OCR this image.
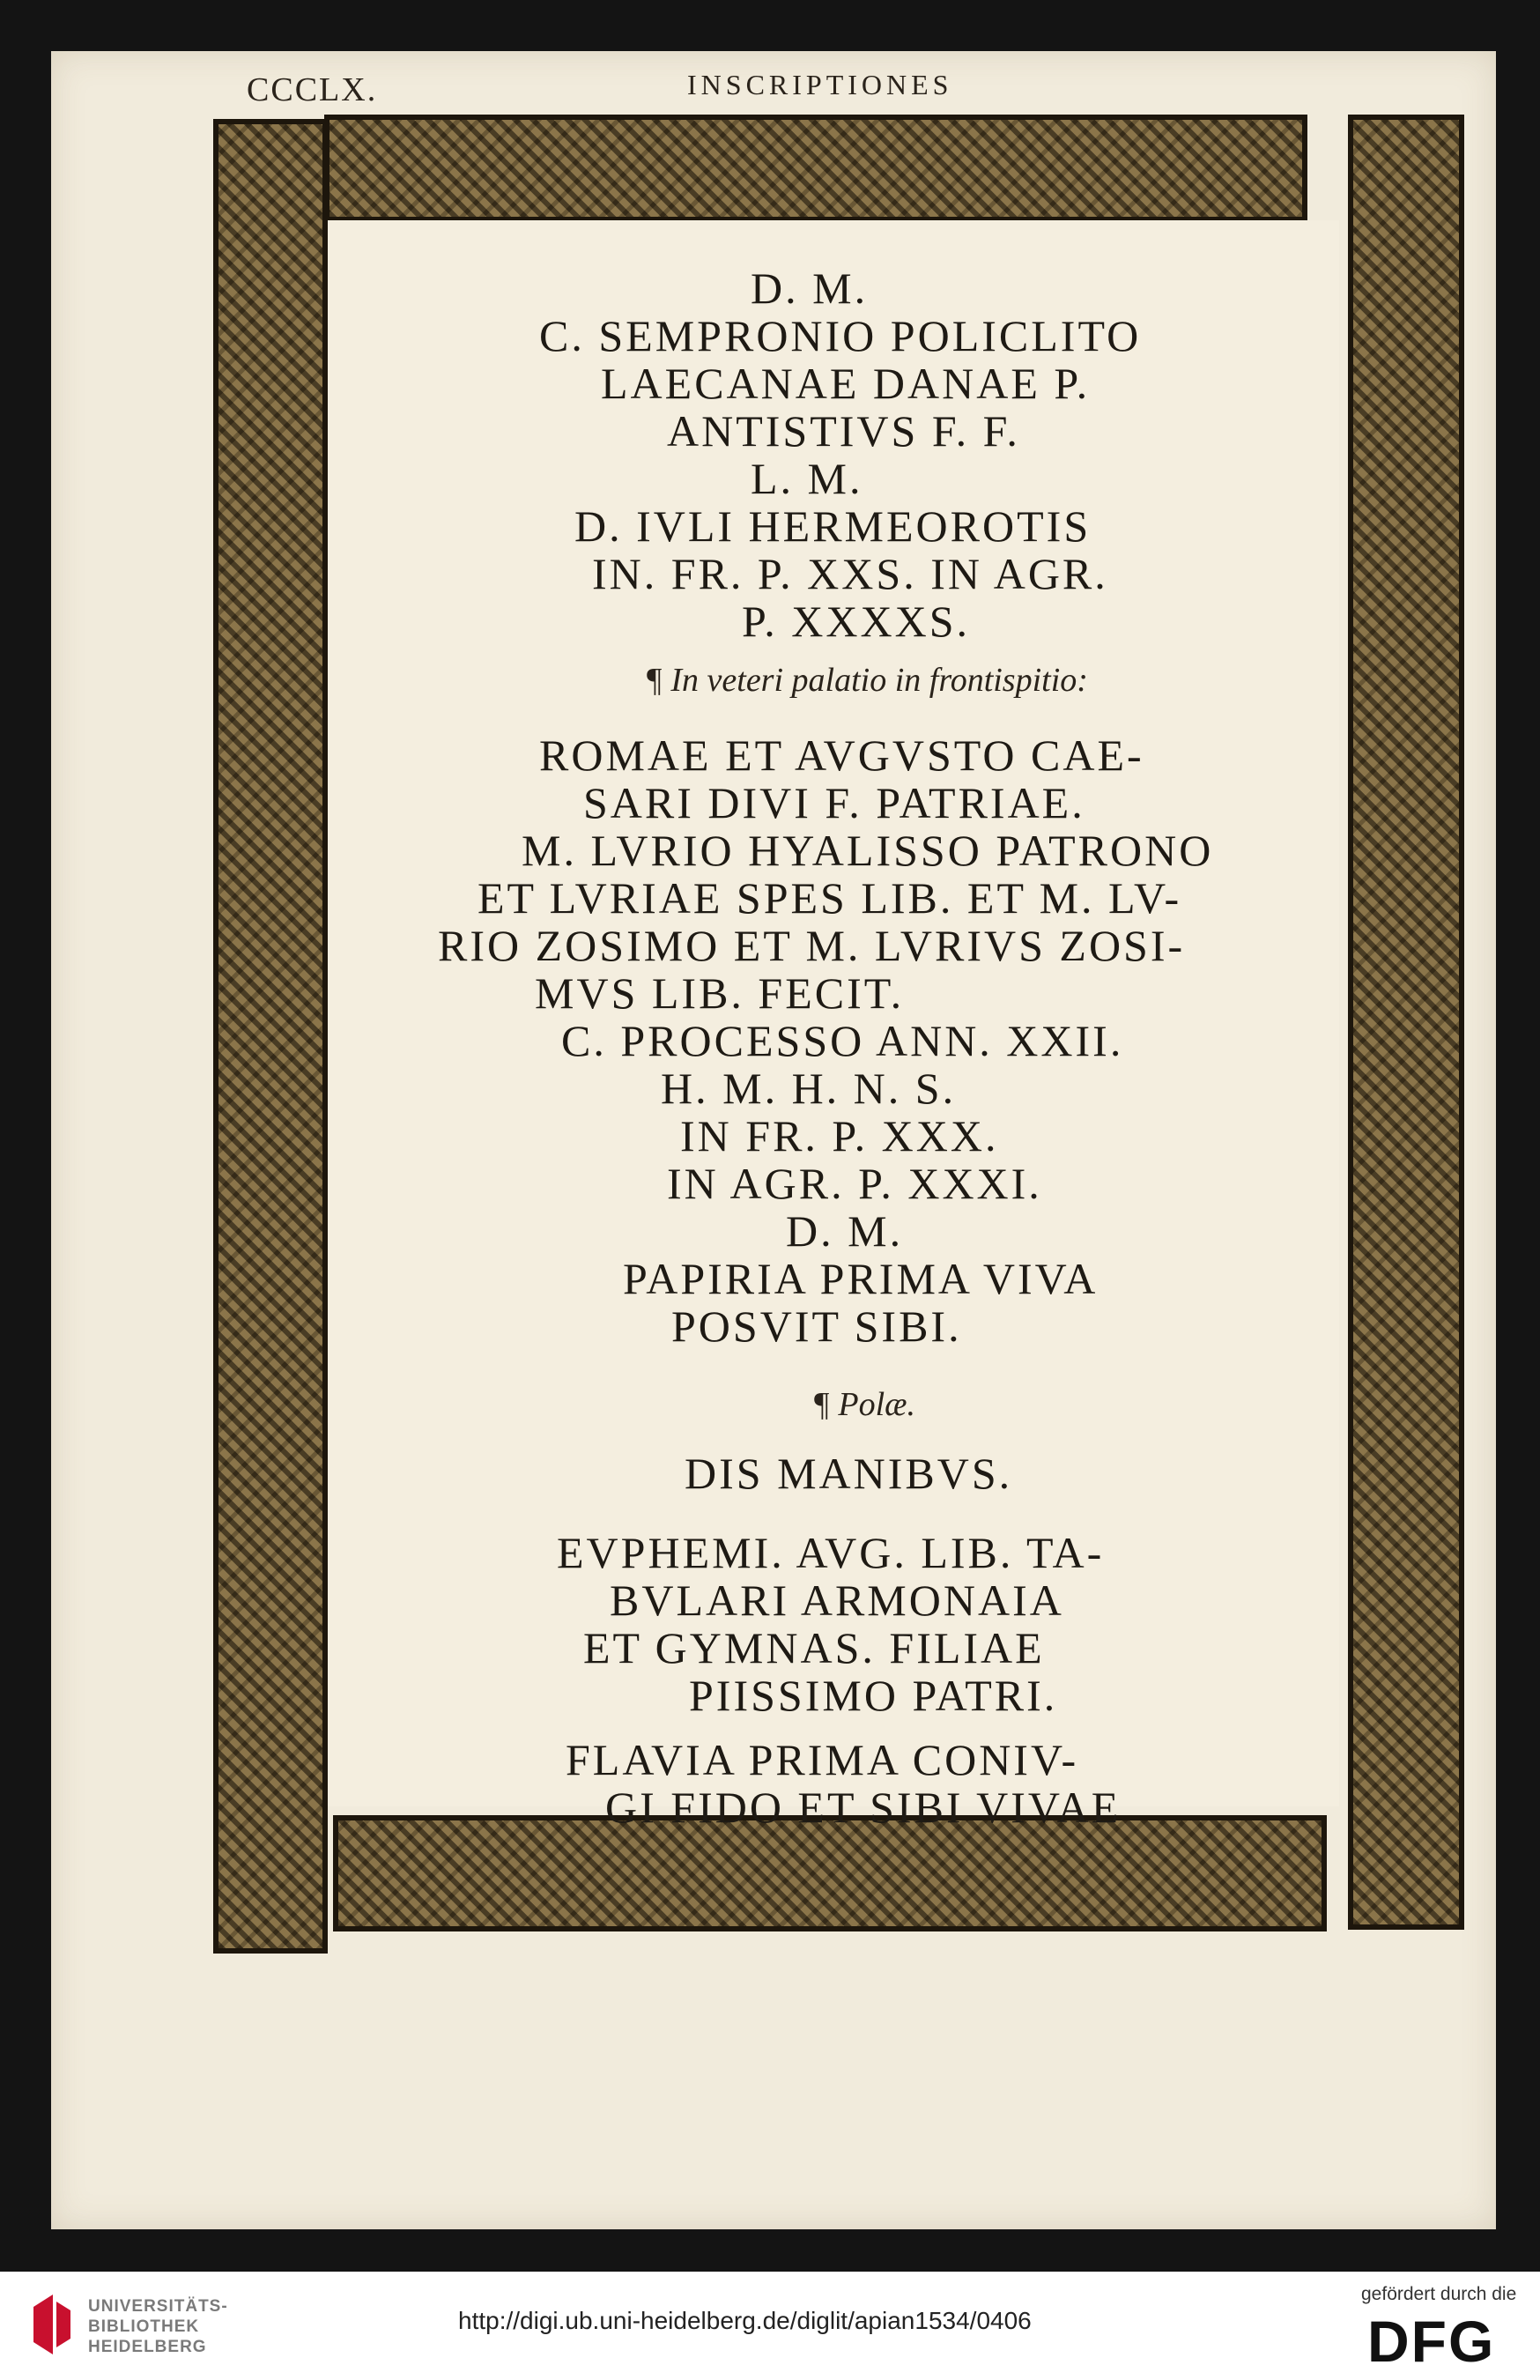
CCCLX.	INSCRIPTIONES
D. M.
C. SEMPRONIO POLICLITO
LAECANAE DANAE P.
ANTISTIVS F. F.
L. M.
D. IVLI HERMEOROTIS
IN. FR. P. XXS. IN AGR.
P. XXXXS.
¶ In veteri palatio in frontispitio:
ROMAE ET AVGVSTO CAE-
SARI DIVI F. PATRIAE.
M. LVRIO HYALISSO PATRONO
ET LVRIAE SPES LIB. ET M. LV-
RIO ZOSIMO ET M. LVRIVS ZOSI-
MVS LIB. FECIT.
C. PROCESSO ANN. XXII.
H. M. H. N. S.
IN FR. P. XXX.
IN AGR. P. XXXI.
D. M.
PAPIRIA PRIMA VIVA
POSVIT SIBI.
¶ Polæ.
DIS MANIBVS.
EVPHEMI. AVG. LIB. TA-
BVLARI ARMONAIA
ET GYMNAS. FILIAE
PIISSIMO PATRI.
FLAVIA PRIMA CONIV-
GI FIDO ET SIBI VIVAE
UNIVERSITÄTS-
BIBLIOTHEK
HEIDELBERG
http://digi.ub.uni-heidelberg.de/diglit/apian1534/0406
gefördert durch die
DFG
